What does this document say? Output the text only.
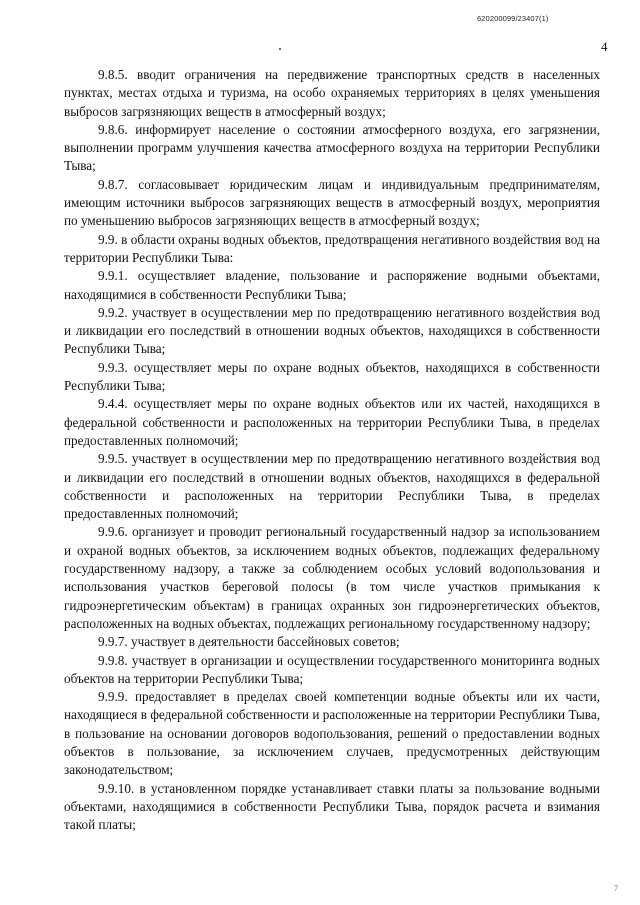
620200099/23407(1)
4

9.8.5. вводит ограничения на передвижение транспортных средств в населенных пунктах, местах отдыха и туризма, на особо охраняемых территориях в целях уменьшения выбросов загрязняющих веществ в атмосферный воздух;

9.8.6. информирует население о состоянии атмосферного воздуха, его загрязнении, выполнении программ улучшения качества атмосферного воздуха на территории Республики Тыва;

9.8.7. согласовывает юридическим лицам и индивидуальным предпринимателям, имеющим источники выбросов загрязняющих веществ в атмосферный воздух, мероприятия по уменьшению выбросов загрязняющих веществ в атмосферный воздух;

9.9. в области охраны водных объектов, предотвращения негативного воздействия вод на территории Республики Тыва:

9.9.1. осуществляет владение, пользование и распоряжение водными объектами, находящимися в собственности Республики Тыва;

9.9.2. участвует в осуществлении мер по предотвращению негативного воздействия вод и ликвидации его последствий в отношении водных объектов, находящихся в собственности Республики Тыва;

9.9.3. осуществляет меры по охране водных объектов, находящихся в собственности Республики Тыва;

9.4.4. осуществляет меры по охране водных объектов или их частей, находящихся в федеральной собственности и расположенных на территории Республики Тыва, в пределах предоставленных полномочий;

9.9.5. участвует в осуществлении мер по предотвращению негативного воздействия вод и ликвидации его последствий в отношении водных объектов, находящихся в федеральной собственности и расположенных на территории Республики Тыва, в пределах предоставленных полномочий;

9.9.6. организует и проводит региональный государственный надзор за использованием и охраной водных объектов, за исключением водных объектов, подлежащих федеральному государственному надзору, а также за соблюдением особых условий водопользования и использования участков береговой полосы (в том числе участков примыкания к гидроэнергетическим объектам) в границах охранных зон гидроэнергетических объектов, расположенных на водных объектах, подлежащих региональному государственному надзору;

9.9.7. участвует в деятельности бассейновых советов;

9.9.8. участвует в организации и осуществлении государственного мониторинга водных объектов на территории Республики Тыва;

9.9.9. предоставляет в пределах своей компетенции водные объекты или их части, находящиеся в федеральной собственности и расположенные на территории Республики Тыва, в пользование на основании договоров водопользования, решений о предоставлении водных объектов в пользование, за исключением случаев, предусмотренных действующим законодательством;

9.9.10. в установленном порядке устанавливает ставки платы за пользование водными объектами, находящимися в собственности Республики Тыва, порядок расчета и взимания такой платы;

7
